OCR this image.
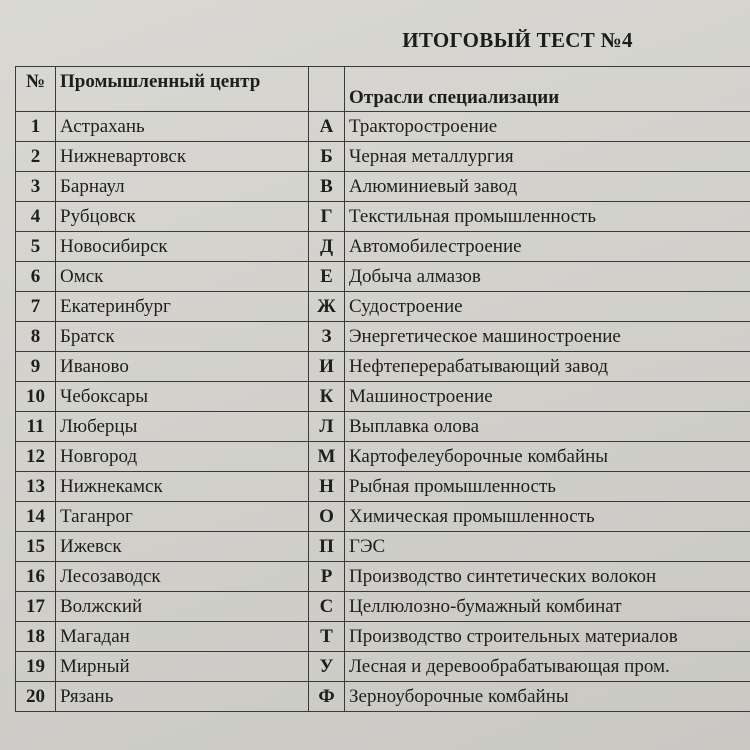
ИТОГОВЫЙ ТЕСТ №4
№	Промышленный центр		Отрасли специализации
1	Астрахань	А	Тракторостроение
2	Нижневартовск	Б	Черная металлургия
3	Барнаул	В	Алюминиевый завод
4	Рубцовск	Г	Текстильная промышленность
5	Новосибирск	Д	Автомобилестроение
6	Омск	Е	Добыча алмазов
7	Екатеринбург	Ж	Судостроение
8	Братск	З	Энергетическое машиностроение
9	Иваново	И	Нефтеперерабатывающий завод
10	Чебоксары	К	Машиностроение
11	Люберцы	Л	Выплавка олова
12	Новгород	М	Картофелеуборочные комбайны
13	Нижнекамск	Н	Рыбная промышленность
14	Таганрог	О	Химическая промышленность
15	Ижевск	П	ГЭС
16	Лесозаводск	Р	Производство синтетических волокон
17	Волжский	С	Целлюлозно-бумажный комбинат
18	Магадан	Т	Производство строительных материалов
19	Мирный	У	Лесная и деревообрабатывающая пром.
20	Рязань	Ф	Зерноуборочные комбайны
